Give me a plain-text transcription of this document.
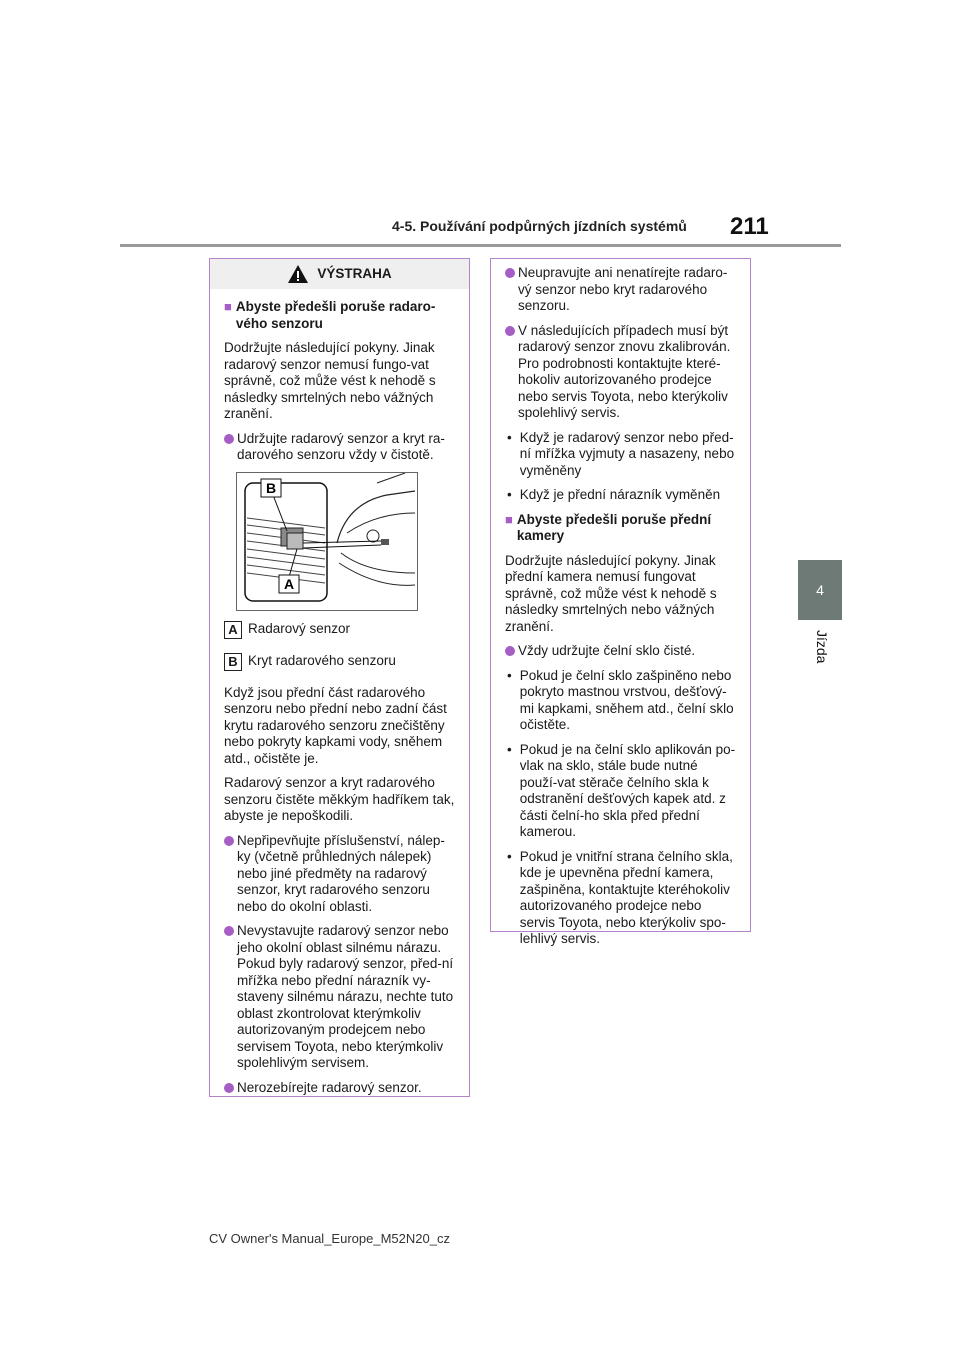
4-5. Používání podpůrných jízdních systémů 211
4
Jízda
VÝSTRAHA
■ Abyste předešli poruše radaro-vého senzoru

Dodržujte následující pokyny. Jinak radarový senzor nemusí fungo-vat správně, což může vést k nehodě s následky smrtelných nebo vážných zranění.

Udržujte radarový senzor a kryt ra-darového senzoru vždy v čistotě.
B
A
A Radarový senzor
B Kryt radarového senzoru

Když jsou přední část radarového senzoru nebo přední nebo zadní část krytu radarového senzoru znečištěny nebo pokryty kapkami vody, sněhem atd., očistěte je.

Radarový senzor a kryt radarového senzoru čistěte měkkým hadříkem tak, abyste je nepoškodili.

Nepřipevňujte příslušenství, nálep-ky (včetně průhledných nálepek) nebo jiné předměty na radarový senzor, kryt radarového senzoru nebo do okolní oblasti.
Nevystavujte radarový senzor nebo jeho okolní oblast silnému nárazu. Pokud byly radarový senzor, před-ní mřížka nebo přední nárazník vy-staveny silnému nárazu, nechte tuto oblast zkontrolovat kterýmkoliv autorizovaným prodejcem nebo servisem Toyota, nebo kterýmkoliv spolehlivým servisem.
Nerozebírejte radarový senzor.
Neupravujte ani nenatírejte radaro-vý senzor nebo kryt radarového senzoru.
V následujících případech musí být radarový senzor znovu zkalibrován. Pro podrobnosti kontaktujte které-hokoliv autorizovaného prodejce nebo servis Toyota, nebo kterýkoliv spolehlivý servis.
• Když je radarový senzor nebo před-ní mřížka vyjmuty a nasazeny, nebo vyměněny
• Když je přední nárazník vyměněn
■ Abyste předešli poruše přední kamery

Dodržujte následující pokyny. Jinak přední kamera nemusí fungovat správně, což může vést k nehodě s následky smrtelných nebo vážných zranění.

Vždy udržujte čelní sklo čisté.
• Pokud je čelní sklo zašpiněno nebo pokryto mastnou vrstvou, dešťový-mi kapkami, sněhem atd., čelní sklo očistěte.
• Pokud je na čelní sklo aplikován po-vlak na sklo, stále bude nutné použí-vat stěrače čelního skla k odstranění dešťových kapek atd. z části čelní-ho skla před přední kamerou.
• Pokud je vnitřní strana čelního skla, kde je upevněna přední kamera, zašpiněna, kontaktujte kteréhokoliv autorizovaného prodejce nebo servis Toyota, nebo kterýkoliv spo-lehlivý servis.
CV Owner's Manual_Europe_M52N20_cz
